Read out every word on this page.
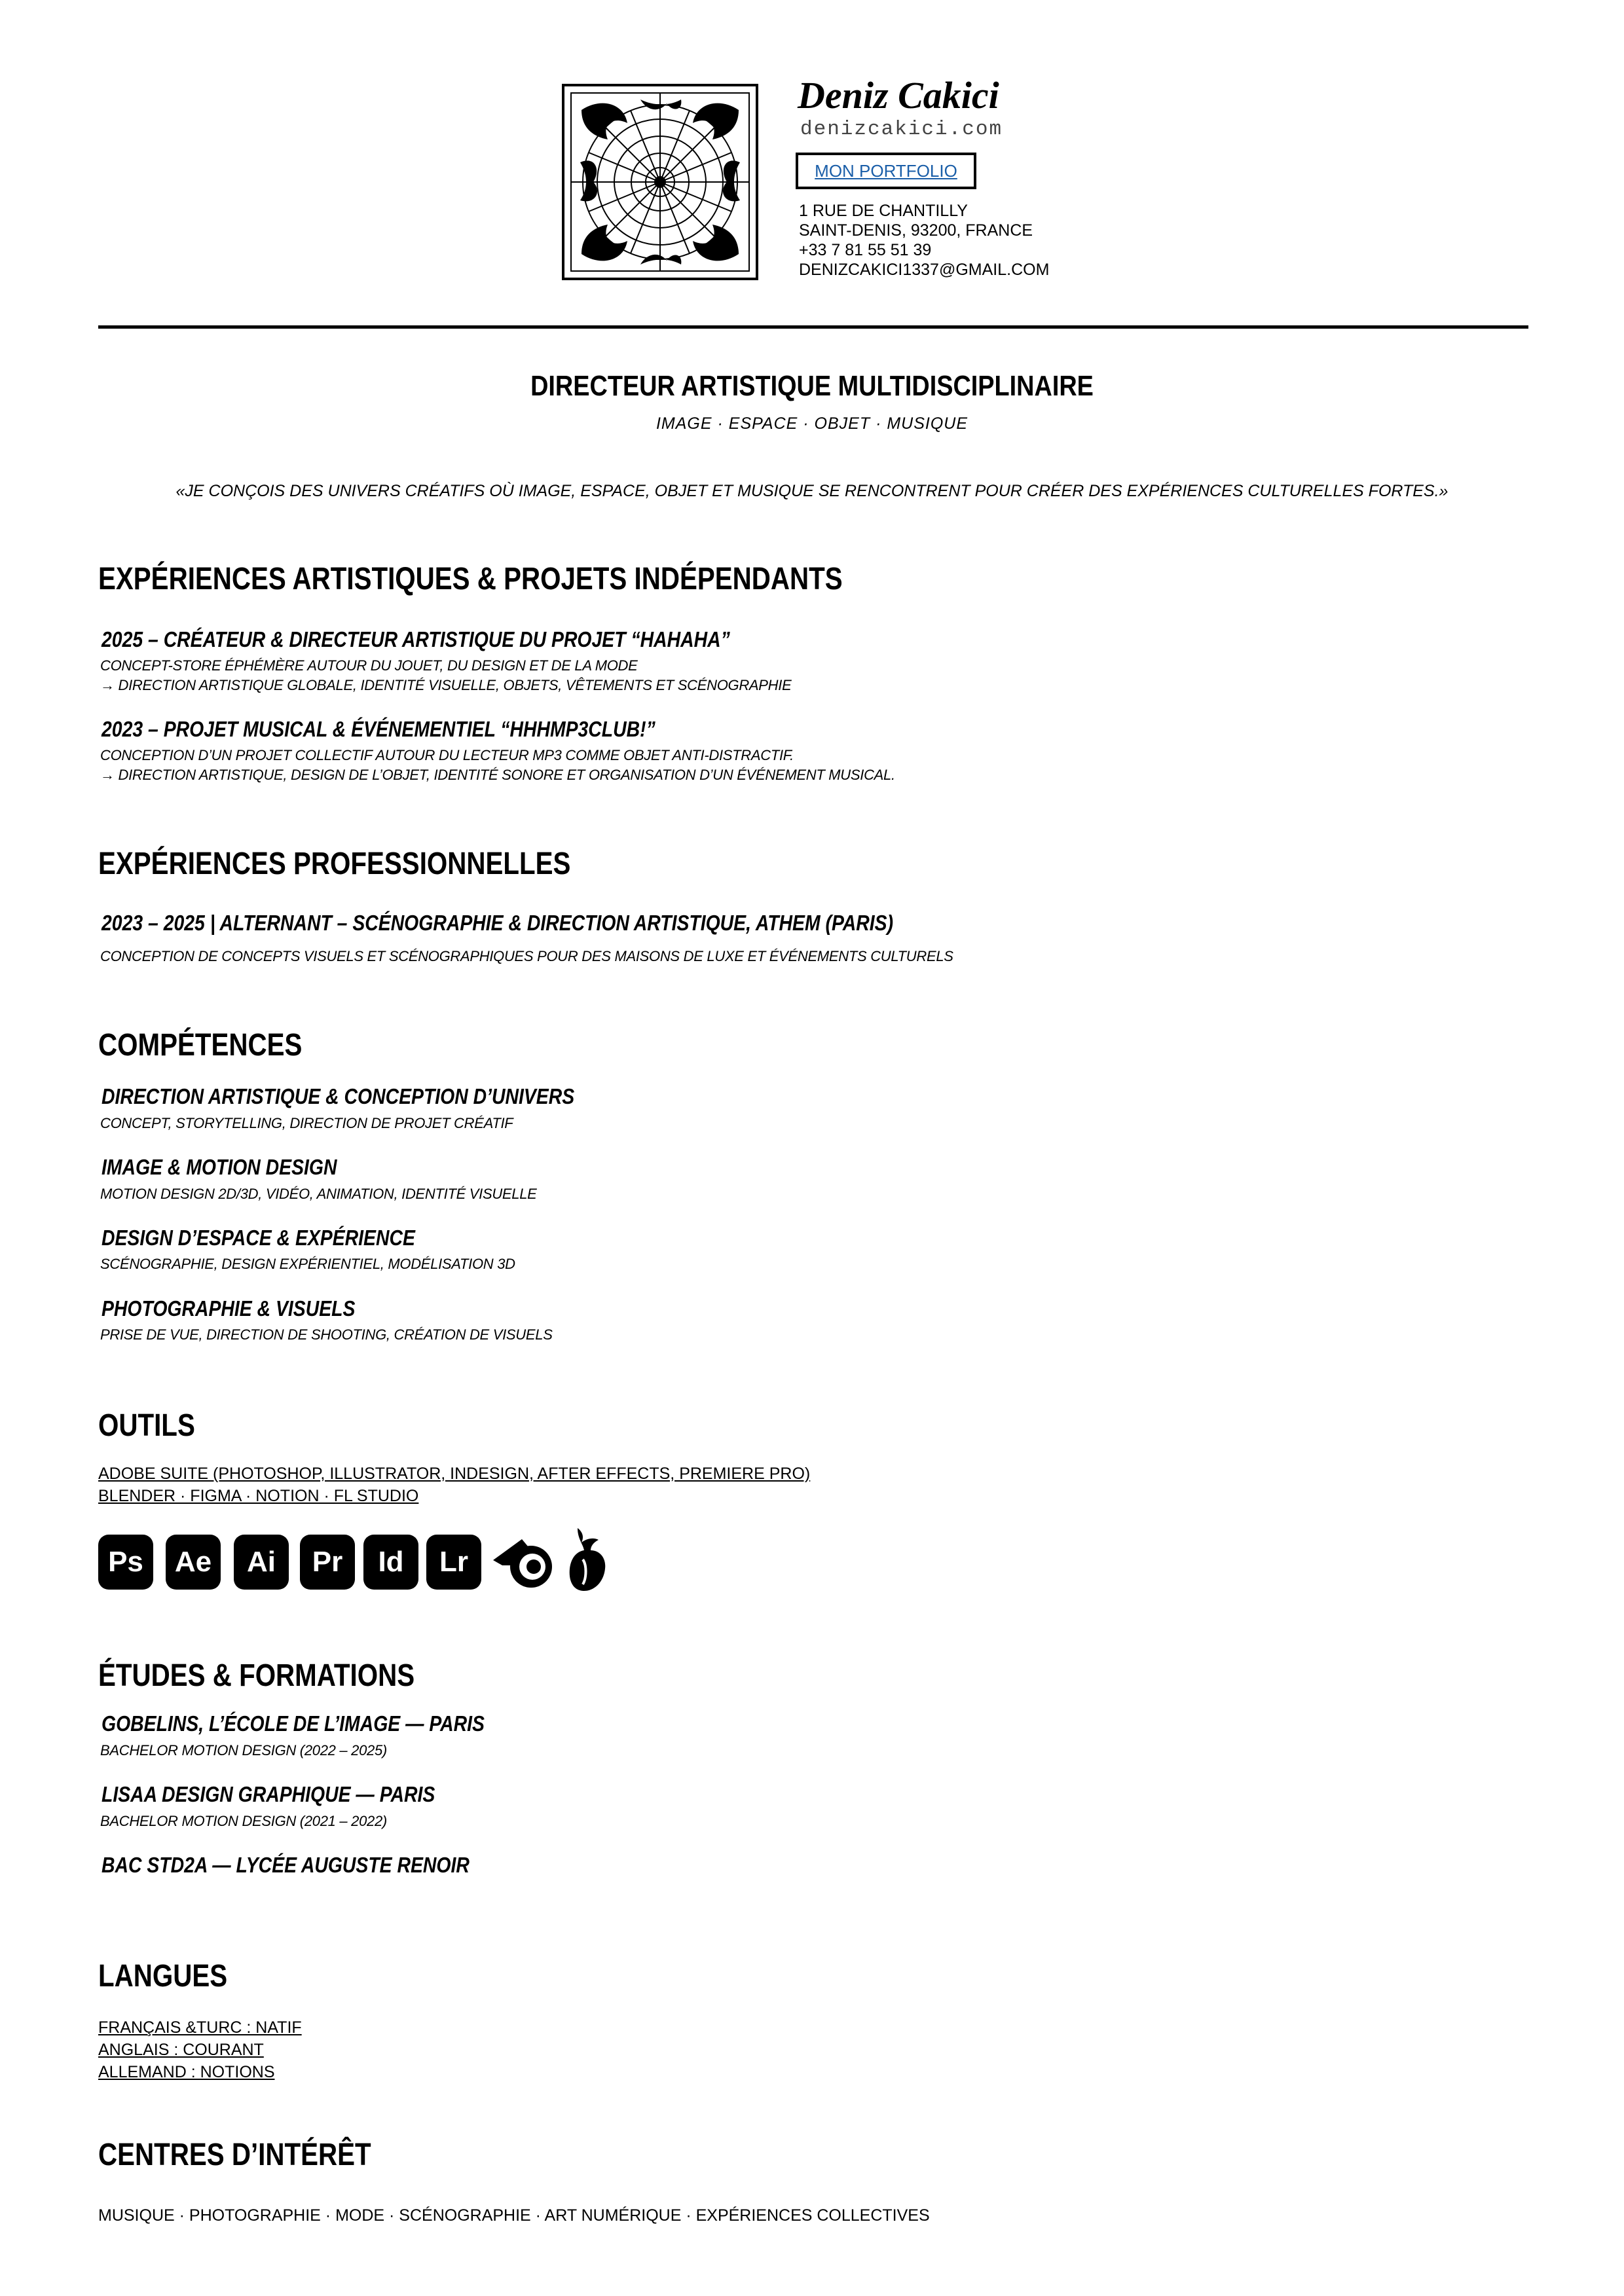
Deniz Cakici
denizcakici.com
MON PORTFOLIO
1 RUE DE CHANTILLY
SAINT-DENIS, 93200, FRANCE
+33 7 81 55 51 39
DENIZCAKICI1337@GMAIL.COM
DIRECTEUR ARTISTIQUE MULTIDISCIPLINAIRE
IMAGE · ESPACE · OBJET · MUSIQUE
«JE CONÇOIS DES UNIVERS CRÉATIFS OÙ IMAGE, ESPACE, OBJET ET MUSIQUE SE RENCONTRENT POUR CRÉER DES EXPÉRIENCES CULTURELLES FORTES.»
EXPÉRIENCES ARTISTIQUES & PROJETS INDÉPENDANTS
2025 – CRÉATEUR & DIRECTEUR ARTISTIQUE DU PROJET “HAHAHA”
CONCEPT-STORE ÉPHÉMÈRE AUTOUR DU JOUET, DU DESIGN ET DE LA MODE
→ DIRECTION ARTISTIQUE GLOBALE, IDENTITÉ VISUELLE, OBJETS, VÊTEMENTS ET SCÉNOGRAPHIE
2023 – PROJET MUSICAL & ÉVÉNEMENTIEL “HHHMP3CLUB!”
CONCEPTION D’UN PROJET COLLECTIF AUTOUR DU LECTEUR MP3 COMME OBJET ANTI-DISTRACTIF.
→ DIRECTION ARTISTIQUE, DESIGN DE L’OBJET, IDENTITÉ SONORE ET ORGANISATION D’UN ÉVÉNEMENT MUSICAL.
EXPÉRIENCES PROFESSIONNELLES
2023 – 2025 | ALTERNANT – SCÉNOGRAPHIE & DIRECTION ARTISTIQUE, ATHEM (PARIS)
CONCEPTION DE CONCEPTS VISUELS ET SCÉNOGRAPHIQUES POUR DES MAISONS DE LUXE ET ÉVÉNEMENTS CULTURELS
COMPÉTENCES
DIRECTION ARTISTIQUE & CONCEPTION D’UNIVERS
CONCEPT, STORYTELLING, DIRECTION DE PROJET CRÉATIF
IMAGE & MOTION DESIGN
MOTION DESIGN 2D/3D, VIDÉO, ANIMATION, IDENTITÉ VISUELLE
DESIGN D’ESPACE & EXPÉRIENCE
SCÉNOGRAPHIE, DESIGN EXPÉRIENTIEL, MODÉLISATION 3D
PHOTOGRAPHIE & VISUELS
PRISE DE VUE, DIRECTION DE SHOOTING, CRÉATION DE VISUELS
OUTILS
ADOBE SUITE (PHOTOSHOP, ILLUSTRATOR, INDESIGN, AFTER EFFECTS, PREMIERE PRO)
BLENDER · FIGMA · NOTION · FL STUDIO
Ps	Ae	Ai	Pr	Id	Lr
ÉTUDES & FORMATIONS
GOBELINS, L’ÉCOLE DE L’IMAGE — PARIS
BACHELOR MOTION DESIGN (2022 – 2025)
LISAA DESIGN GRAPHIQUE — PARIS
BACHELOR MOTION DESIGN (2021 – 2022)
BAC STD2A — LYCÉE AUGUSTE RENOIR
LANGUES
FRANÇAIS &TURC : NATIF
ANGLAIS : COURANT
ALLEMAND : NOTIONS
CENTRES D’INTÉRÊT
MUSIQUE · PHOTOGRAPHIE · MODE · SCÉNOGRAPHIE · ART NUMÉRIQUE · EXPÉRIENCES COLLECTIVES
